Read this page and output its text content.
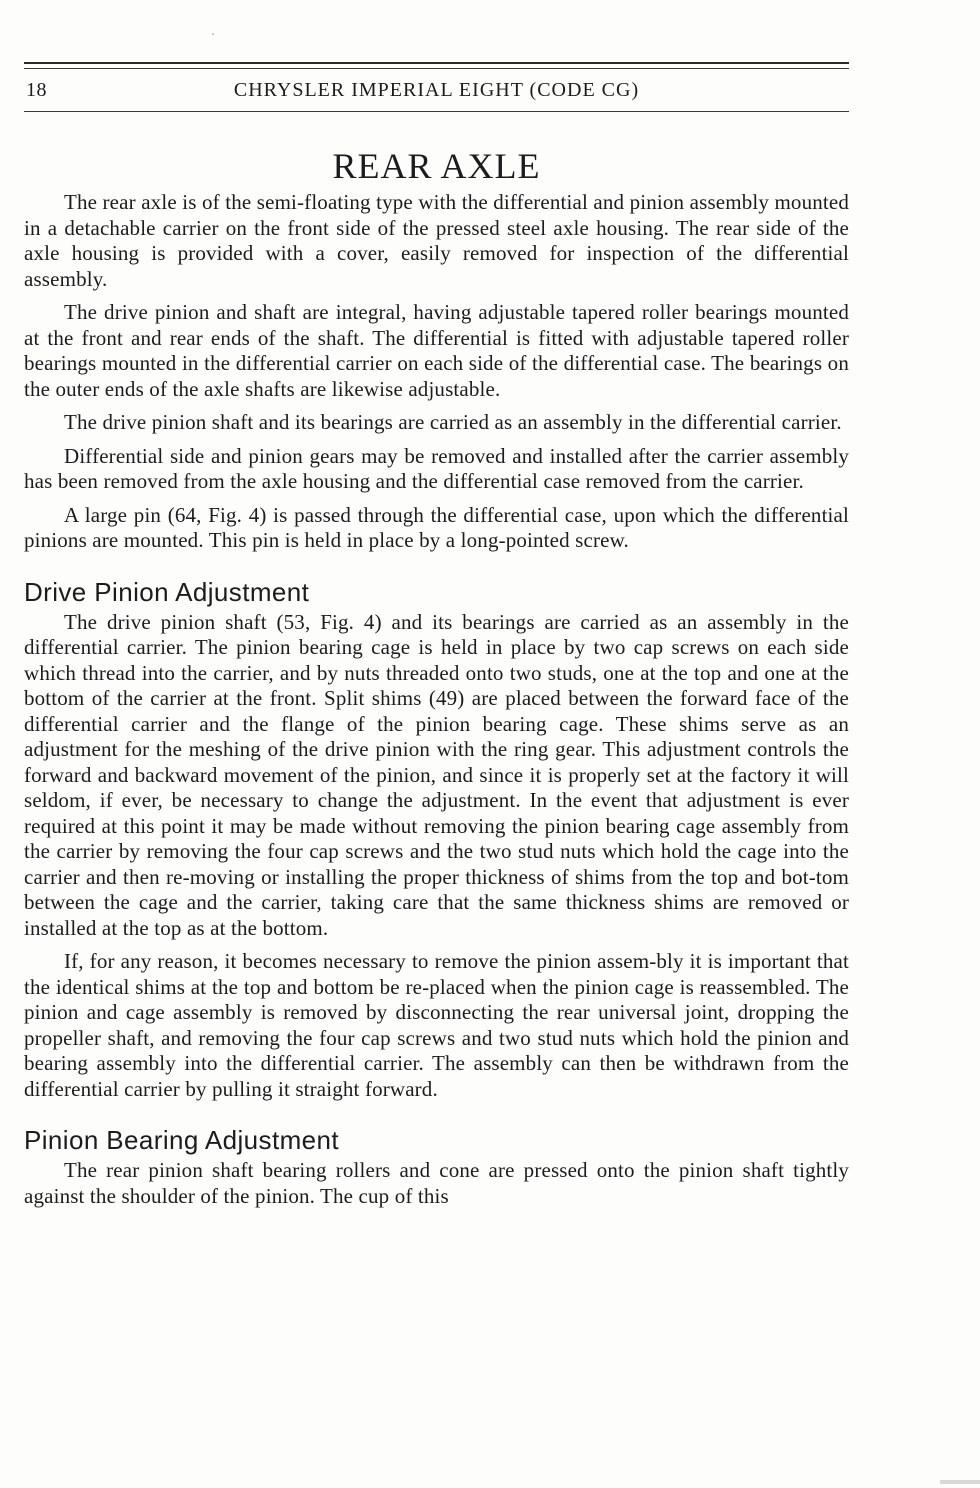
18	CHRYSLER IMPERIAL EIGHT (CODE CG)
REAR AXLE

The rear axle is of the semi-floating type with the differential and pinion assembly mounted in a detachable carrier on the front side of the pressed steel axle housing. The rear side of the axle housing is provided with a cover, easily removed for inspection of the differential assembly.

The drive pinion and shaft are integral, having adjustable tapered roller bearings mounted at the front and rear ends of the shaft. The differential is fitted with adjustable tapered roller bearings mounted in the differential carrier on each side of the differential case. The bearings on the outer ends of the axle shafts are likewise adjustable.

The drive pinion shaft and its bearings are carried as an assembly in the differential carrier.

Differential side and pinion gears may be removed and installed after the carrier assembly has been removed from the axle housing and the differential case removed from the carrier.

A large pin (64, Fig. 4) is passed through the differential case, upon which the differential pinions are mounted. This pin is held in place by a long-pointed screw.

Drive Pinion Adjustment

The drive pinion shaft (53, Fig. 4) and its bearings are carried as an assembly in the differential carrier. The pinion bearing cage is held in place by two cap screws on each side which thread into the carrier, and by nuts threaded onto two studs, one at the top and one at the bottom of the carrier at the front. Split shims (49) are placed between the forward face of the differential carrier and the flange of the pinion bearing cage. These shims serve as an adjustment for the meshing of the drive pinion with the ring gear. This adjustment controls the forward and backward movement of the pinion, and since it is properly set at the factory it will seldom, if ever, be necessary to change the adjustment. In the event that adjustment is ever required at this point it may be made without removing the pinion bearing cage assembly from the carrier by removing the four cap screws and the two stud nuts which hold the cage into the carrier and then re-moving or installing the proper thickness of shims from the top and bot-tom between the cage and the carrier, taking care that the same thickness shims are removed or installed at the top as at the bottom.

If, for any reason, it becomes necessary to remove the pinion assem-bly it is important that the identical shims at the top and bottom be re-placed when the pinion cage is reassembled. The pinion and cage assembly is removed by disconnecting the rear universal joint, dropping the propeller shaft, and removing the four cap screws and two stud nuts which hold the pinion and bearing assembly into the differential carrier. The assembly can then be withdrawn from the differential carrier by pulling it straight forward.

Pinion Bearing Adjustment

The rear pinion shaft bearing rollers and cone are pressed onto the pinion shaft tightly against the shoulder of the pinion. The cup of this
